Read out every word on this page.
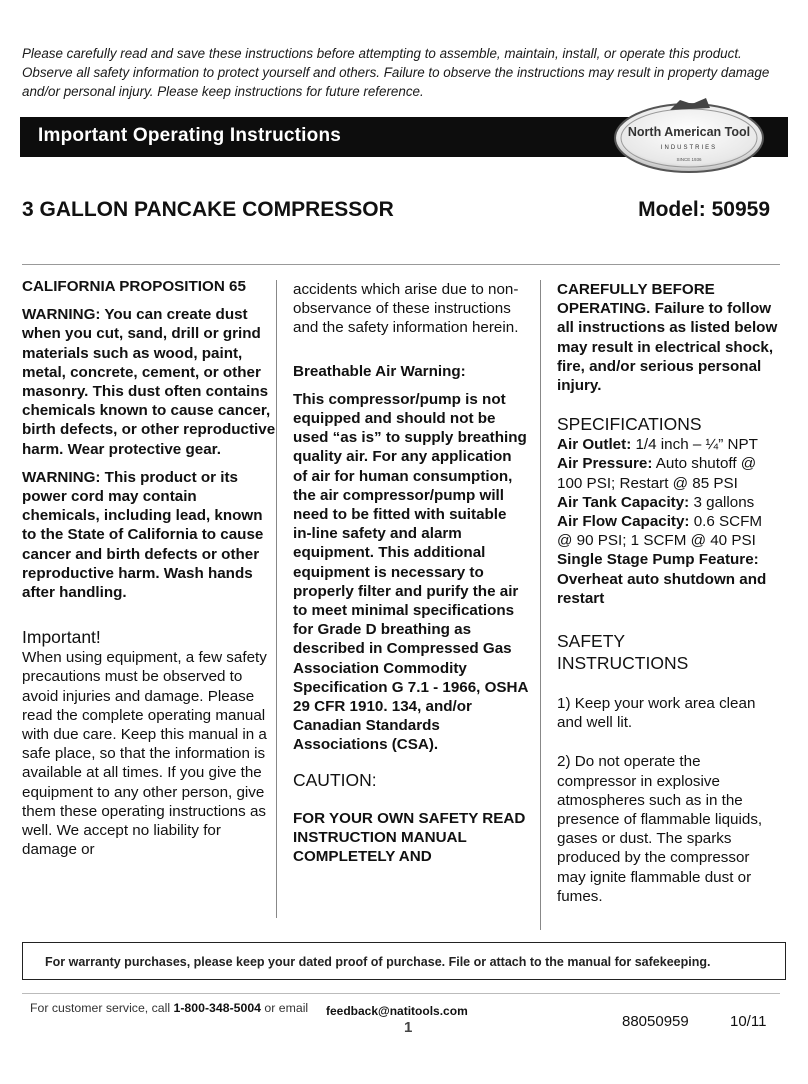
Please carefully read and save these instructions before attempting to assemble, maintain, install, or operate this product. Observe all safety information to protect yourself and others. Failure to observe the instructions may result in property damage and/or personal injury. Please keep instructions for future reference.
Important Operating Instructions	North American Tool
INDUSTRIES
SINCE 1936
3 GALLON PANCAKE COMPRESSOR	Model: 50959

CALIFORNIA PROPOSITION 65

WARNING: You can create dust when you cut, sand, drill or grind materials such as wood, paint, metal, concrete, cement, or other masonry. This dust often contains chemicals known to cause cancer, birth defects, or other reproductive harm. Wear protective gear.

WARNING: This product or its power cord may contain chemicals, including lead, known to the State of California to cause cancer and birth defects or other reproductive harm. Wash hands after handling.

Important!

When using equipment, a few safety precautions must be observed to avoid injuries and damage. Please read the complete operating manual with due care. Keep this manual in a safe place, so that the information is available at all times. If you give the equipment to any other person, give them these operating instructions as well. We accept no liability for damage or

accidents which arise due to non-observance of these instructions and the safety information herein.

Breathable Air Warning:

This compressor/pump is not equipped and should not be used “as is” to supply breathing quality air. For any application of air for human consumption, the air compressor/pump will need to be fitted with suitable in-line safety and alarm equipment. This additional equipment is necessary to properly filter and purify the air to meet minimal specifications for Grade D breathing as described in Compressed Gas Association Commodity Specification G 7.1 - 1966, OSHA 29 CFR 1910. 134, and/or Canadian Standards Associations (CSA).

CAUTION:

FOR YOUR OWN SAFETY READ INSTRUCTION MANUAL COMPLETELY AND

CAREFULLY BEFORE OPERATING. Failure to follow all instructions as listed below may result in electrical shock, fire, and/or serious personal injury.

SPECIFICATIONS

Air Outlet: 1/4 inch – ¼” NPT
Air Pressure: Auto shutoff @ 100 PSI; Restart @ 85 PSI
Air Tank Capacity: 3 gallons
Air Flow Capacity: 0.6 SCFM @ 90 PSI; 1 SCFM @ 40 PSI
Single Stage Pump Feature: Overheat auto shutdown and restart

SAFETY INSTRUCTIONS

1) Keep your work area clean and well lit.

2) Do not operate the compressor in explosive atmospheres such as in the presence of flammable liquids, gases or dust. The sparks produced by the compressor may ignite flammable dust or fumes.

For warranty purchases, please keep your dated proof of purchase. File or attach to the manual for safekeeping.
For customer service, call 1-800-348-5004 or email feedback@natitools.com
1	88050959	10/11
